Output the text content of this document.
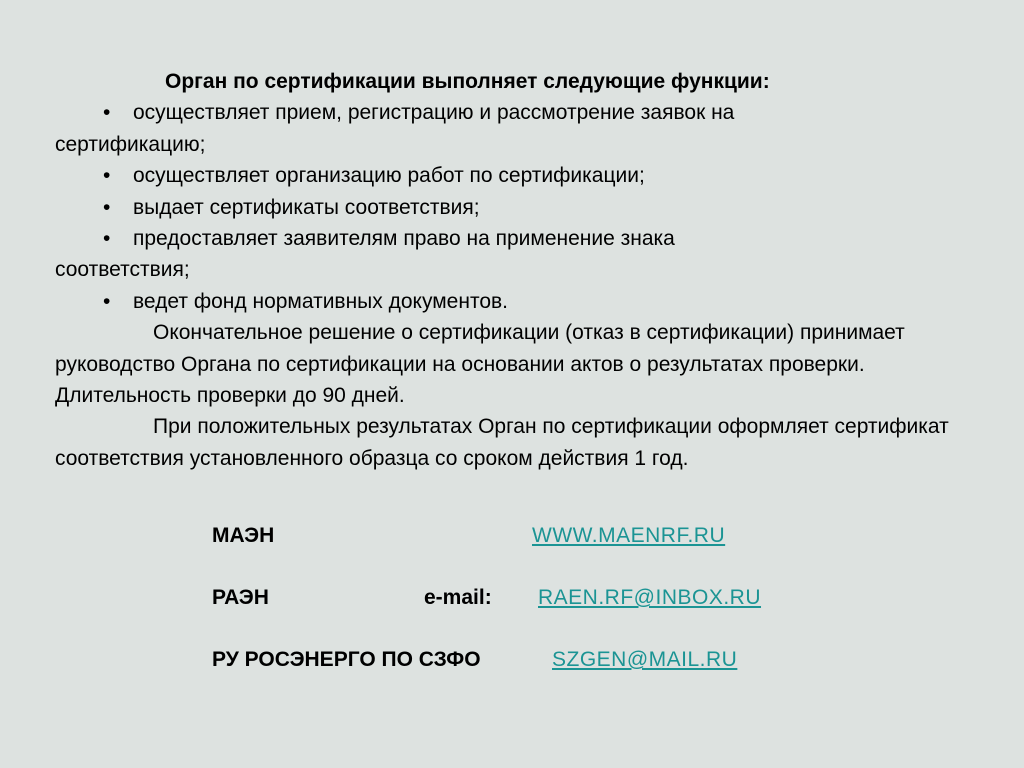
Орган по сертификации выполняет следующие функции:
• осуществляет прием, регистрацию и рассмотрение заявок на
сертификацию;
• осуществляет организацию работ по сертификации;
• выдает сертификаты соответствия;
• предоставляет заявителям право на применение знака
соответствия;
• ведет фонд нормативных документов.
Окончательное решение о сертификации (отказ в сертификации) принимает руководство Органа по сертификации на основании актов о результатах проверки. Длительность проверки до 90 дней.
При положительных результатах Орган по сертификации оформляет сертификат соответствия установленного образца со сроком действия 1 год.
МАЭН	WWW.MAENRF.RU
РАЭН	e-mail: RAEN.RF@INBOX.RU
РУ РОСЭНЕРГО ПО СЗФО	SZGEN@MAIL.RU
